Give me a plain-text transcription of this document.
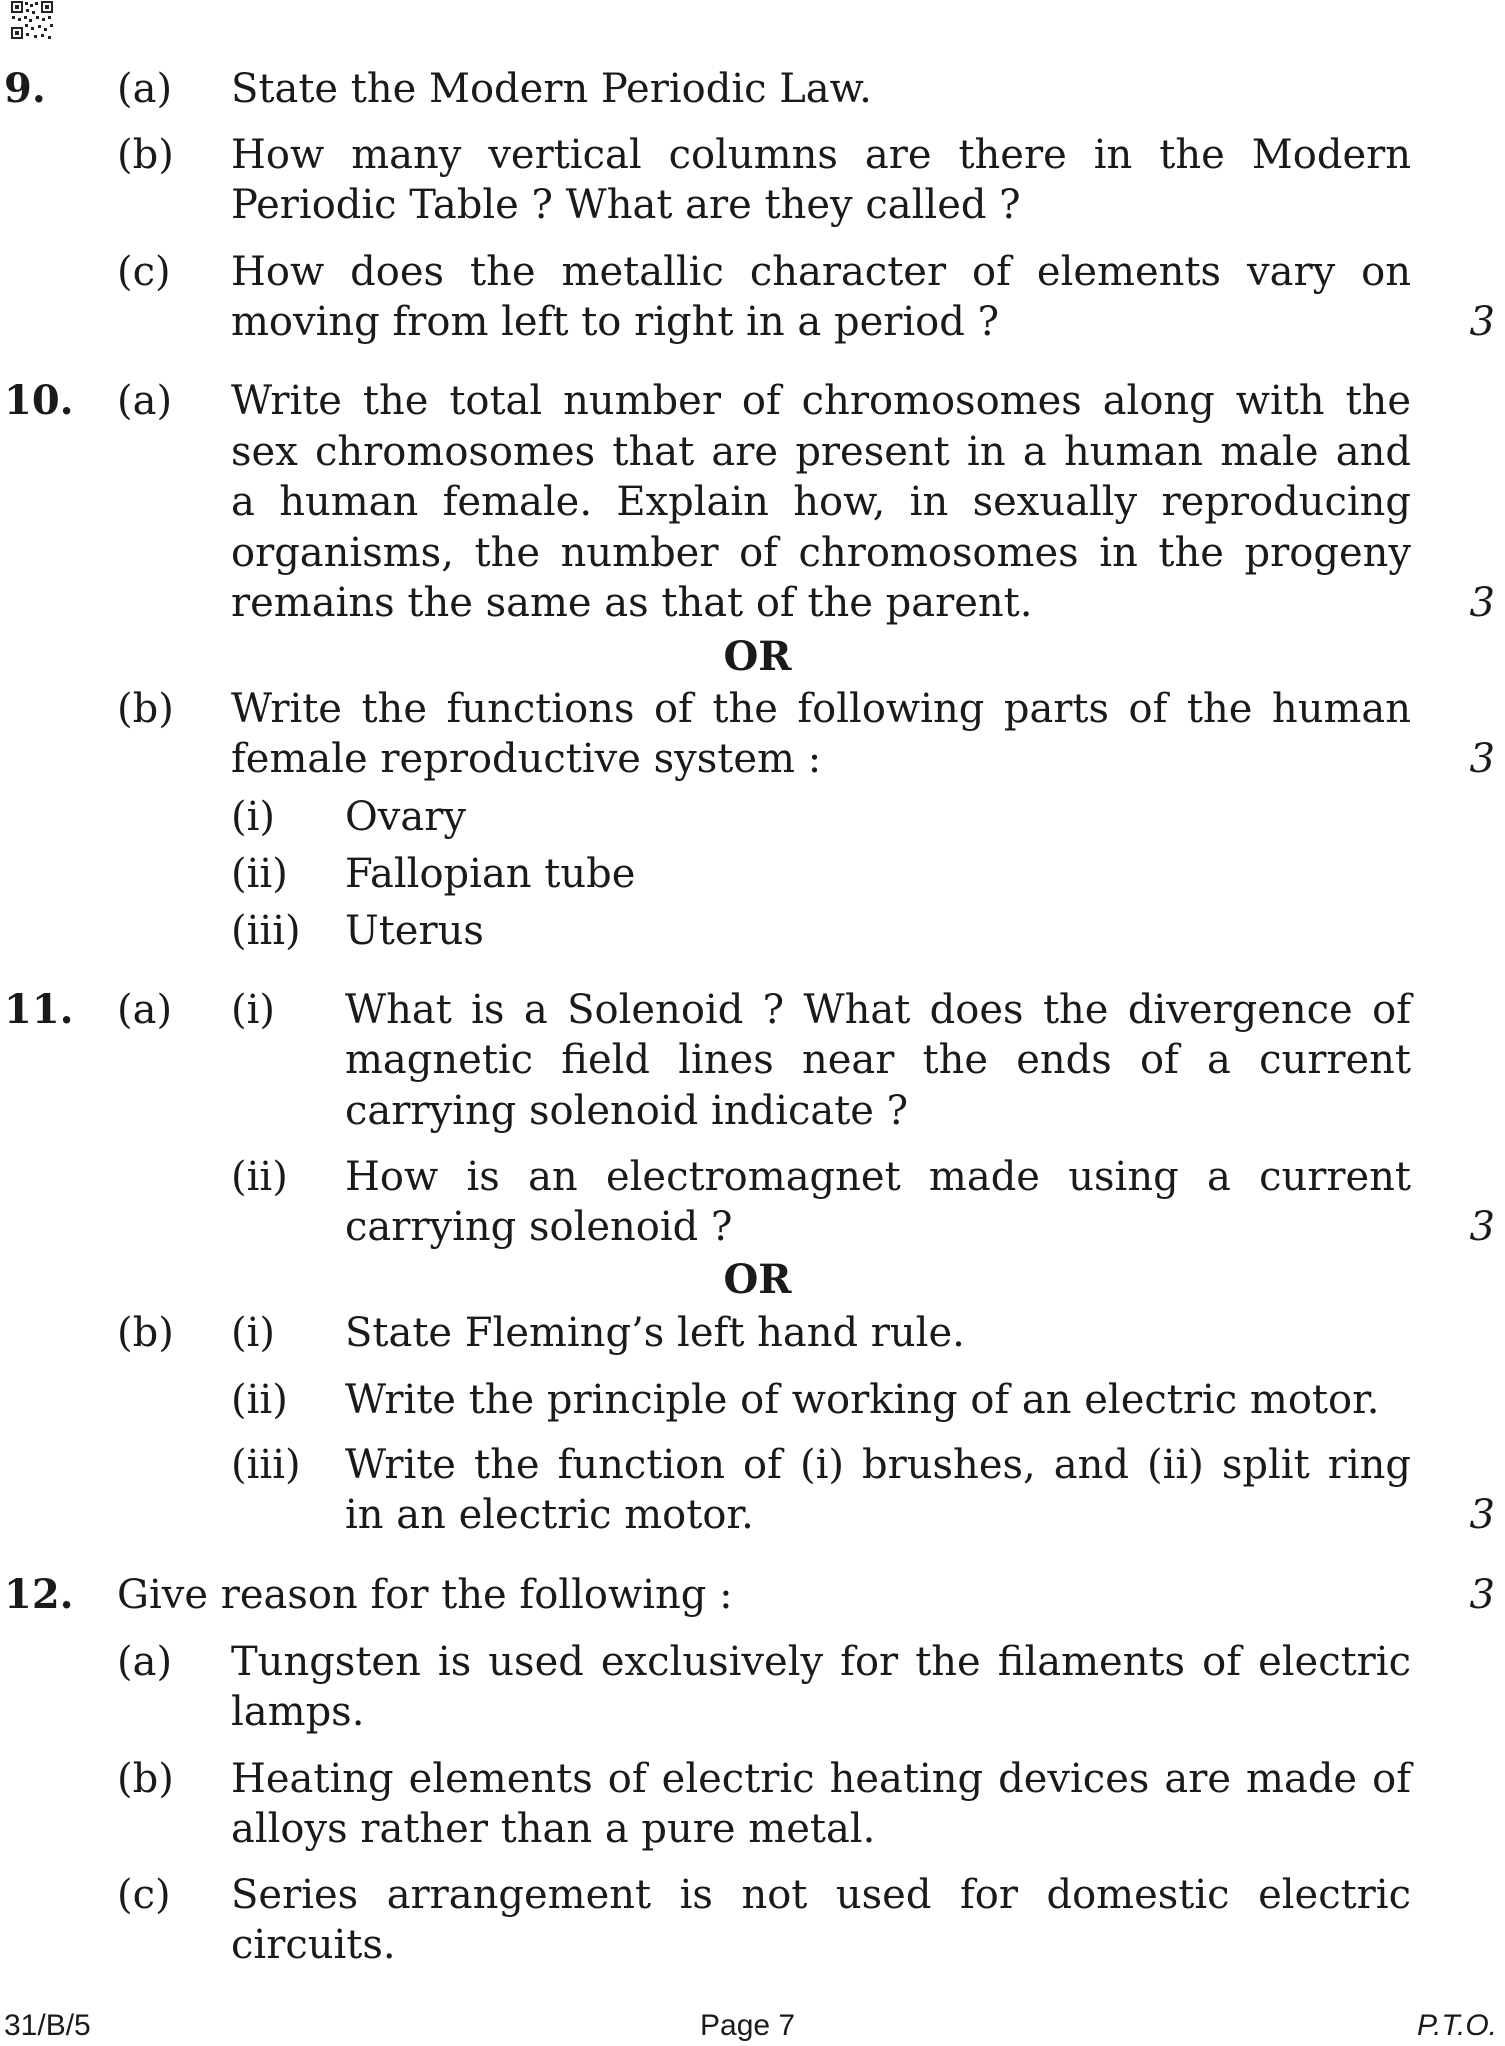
9. (a) State the Modern Periodic Law.
(b) How many vertical columns are there in the Modern
Periodic Table ? What are they called ?
(c) How does the metallic character of elements vary on
moving from left to right in a period ?	3
10. (a) Write the total number of chromosomes along with the
sex chromosomes that are present in a human male and
a human female. Explain how, in sexually reproducing
organisms, the number of chromosomes in the progeny
remains the same as that of the parent.	3
OR
(b) Write the functions of the following parts of the human
female reproductive system :	3
(i) Ovary
(ii) Fallopian tube
(iii) Uterus
11. (a) (i) What is a Solenoid ? What does the divergence of
magnetic field lines near the ends of a current
carrying solenoid indicate ?
(ii) How is an electromagnet made using a current
carrying solenoid ?	3
OR
(b) (i) State Fleming’s left hand rule.
(ii) Write the principle of working of an electric motor.
(iii) Write the function of (i) brushes, and (ii) split ring
in an electric motor.	3
12. Give reason for the following :	3
(a) Tungsten is used exclusively for the filaments of electric
lamps.
(b) Heating elements of electric heating devices are made of
alloys rather than a pure metal.
(c) Series arrangement is not used for domestic electric
circuits.
31/B/5	Page 7	P.T.O.
